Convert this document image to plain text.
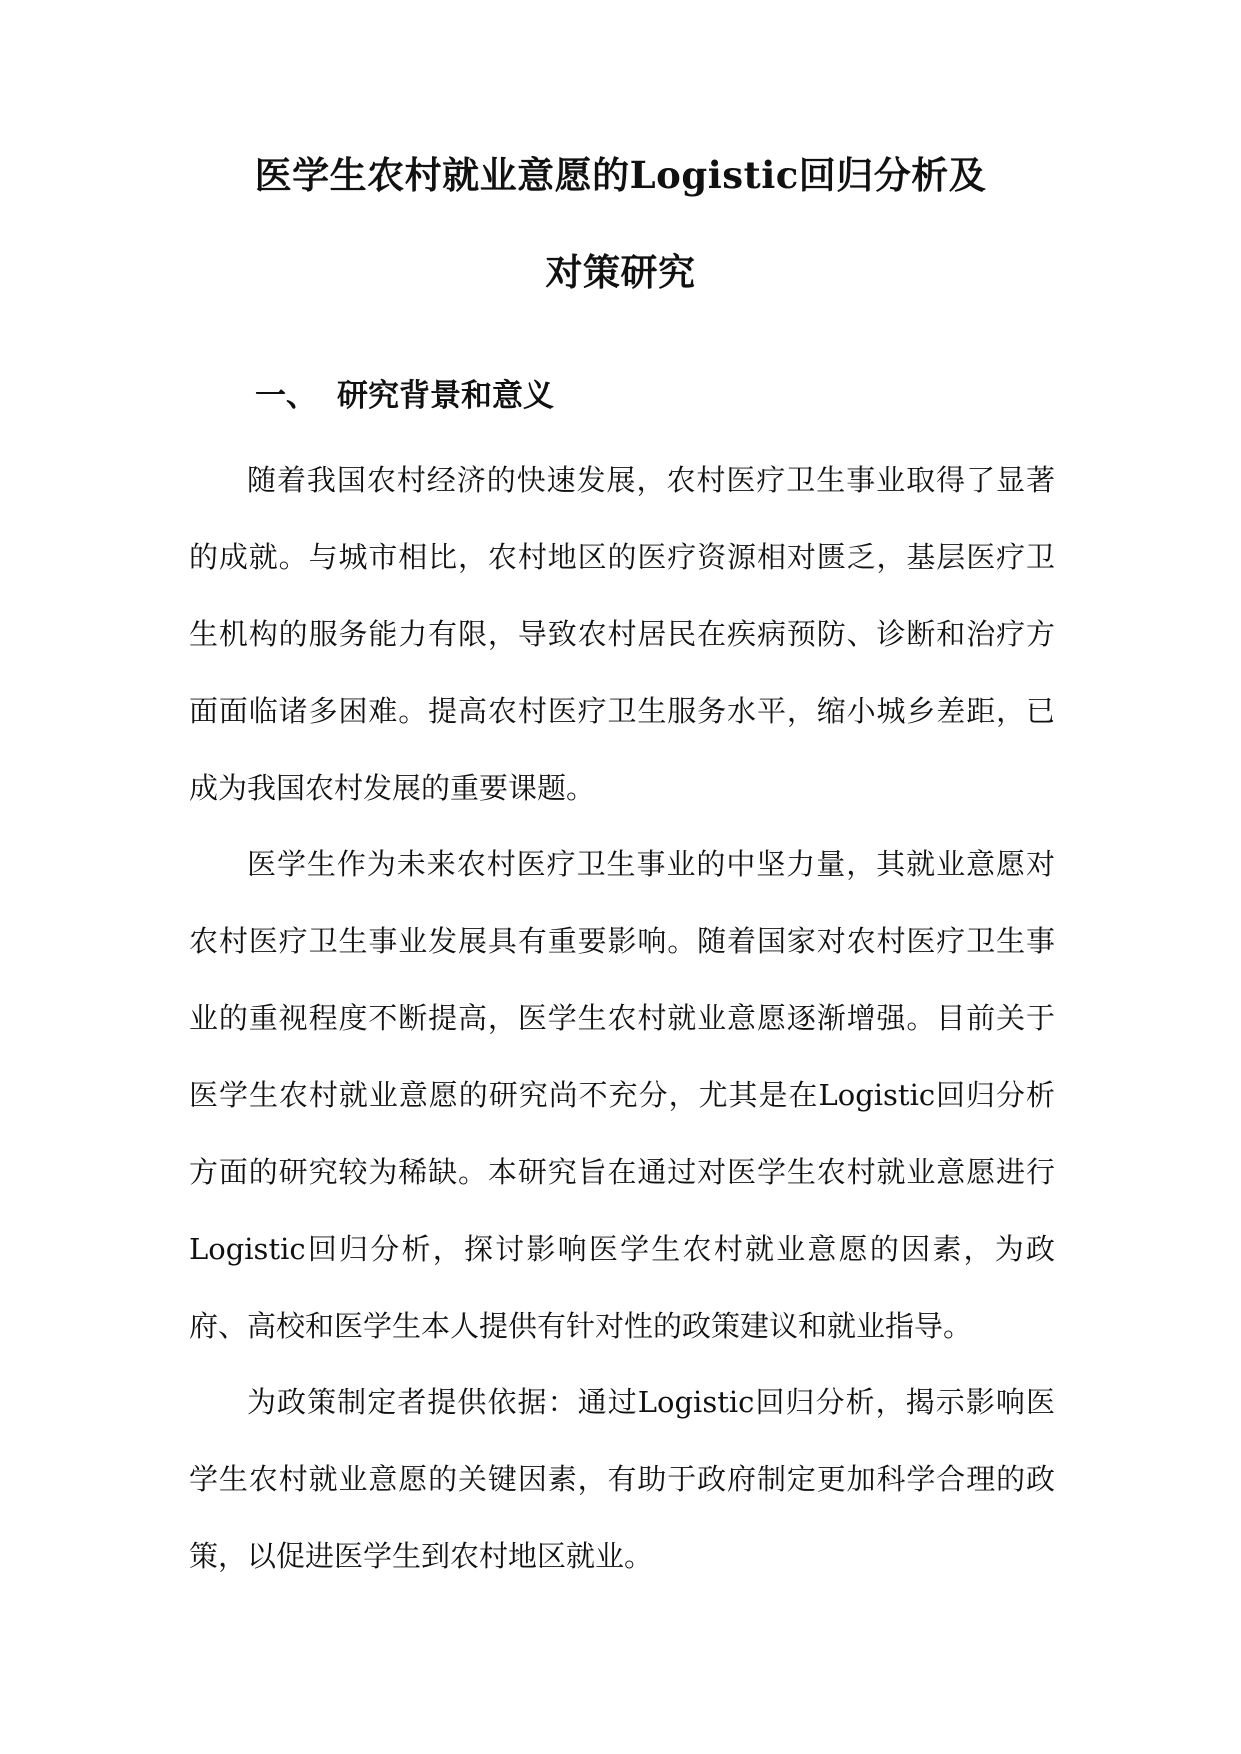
医学生农村就业意愿的Logistic回归分析及
对策研究
一、 研究背景和意义

随着我国农村经济的快速发展，农村医疗卫生事业取得了显著的成就。与城市相比，农村地区的医疗资源相对匮乏，基层医疗卫生机构的服务能力有限，导致农村居民在疾病预防、诊断和治疗方面面临诸多困难。提高农村医疗卫生服务水平，缩小城乡差距，已成为我国农村发展的重要课题。

医学生作为未来农村医疗卫生事业的中坚力量，其就业意愿对农村医疗卫生事业发展具有重要影响。随着国家对农村医疗卫生事业的重视程度不断提高，医学生农村就业意愿逐渐增强。目前关于医学生农村就业意愿的研究尚不充分，尤其是在Logistic回归分析方面的研究较为稀缺。本研究旨在通过对医学生农村就业意愿进行Logistic回归分析，探讨影响医学生农村就业意愿的因素，为政府、高校和医学生本人提供有针对性的政策建议和就业指导。

为政策制定者提供依据：通过Logistic回归分析，揭示影响医学生农村就业意愿的关键因素，有助于政府制定更加科学合理的政策，以促进医学生到农村地区就业。
